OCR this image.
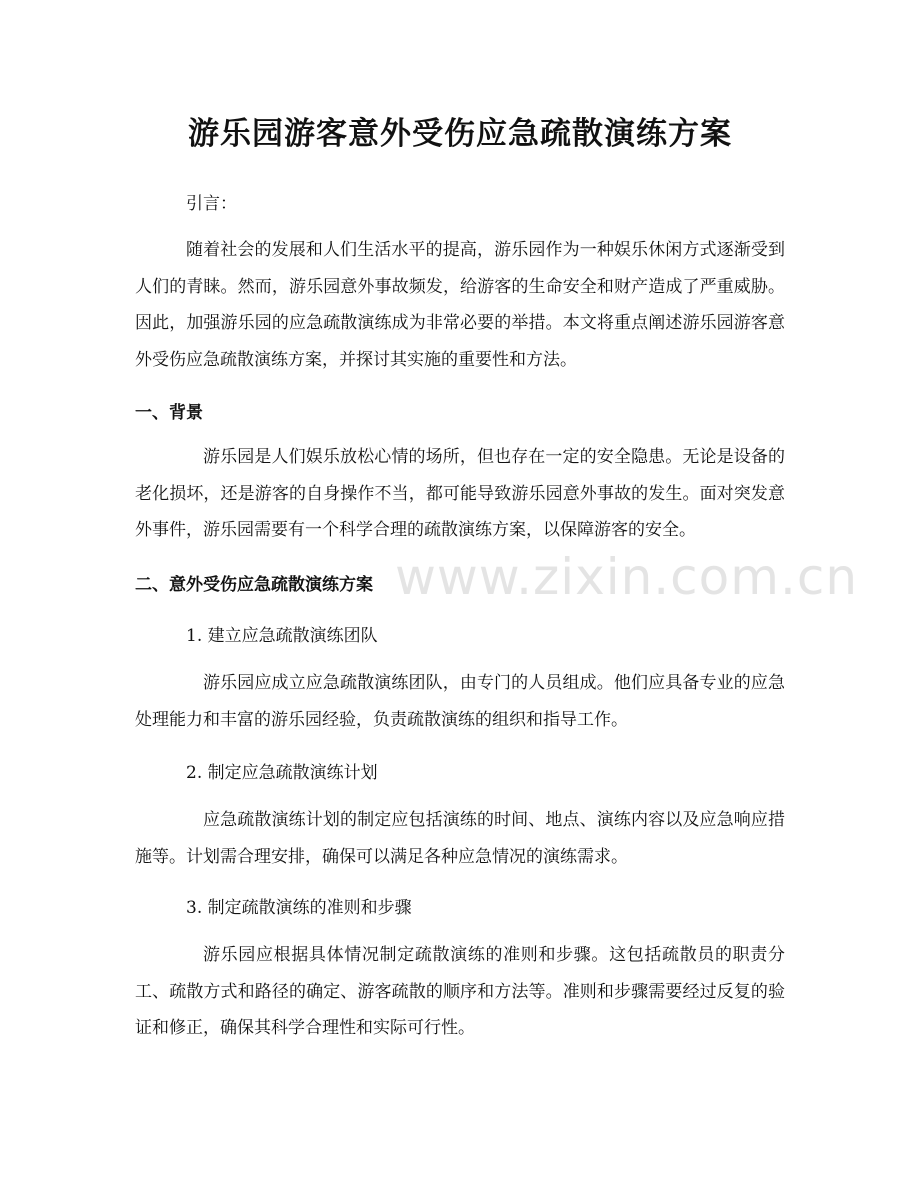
www.zixin.com.cn
游乐园游客意外受伤应急疏散演练方案

引言：

随着社会的发展和人们生活水平的提高，游乐园作为一种娱乐休闲方式逐渐受到人们的青睐。然而，游乐园意外事故频发，给游客的生命安全和财产造成了严重威胁。因此，加强游乐园的应急疏散演练成为非常必要的举措。本文将重点阐述游乐园游客意外受伤应急疏散演练方案，并探讨其实施的重要性和方法。

一、背景

游乐园是人们娱乐放松心情的场所，但也存在一定的安全隐患。无论是设备的老化损坏，还是游客的自身操作不当，都可能导致游乐园意外事故的发生。面对突发意外事件，游乐园需要有一个科学合理的疏散演练方案，以保障游客的安全。

二、意外受伤应急疏散演练方案

1. 建立应急疏散演练团队

游乐园应成立应急疏散演练团队，由专门的人员组成。他们应具备专业的应急处理能力和丰富的游乐园经验，负责疏散演练的组织和指导工作。

2. 制定应急疏散演练计划

应急疏散演练计划的制定应包括演练的时间、地点、演练内容以及应急响应措施等。计划需合理安排，确保可以满足各种应急情况的演练需求。

3. 制定疏散演练的准则和步骤

游乐园应根据具体情况制定疏散演练的准则和步骤。这包括疏散员的职责分工、疏散方式和路径的确定、游客疏散的顺序和方法等。准则和步骤需要经过反复的验证和修正，确保其科学合理性和实际可行性。
